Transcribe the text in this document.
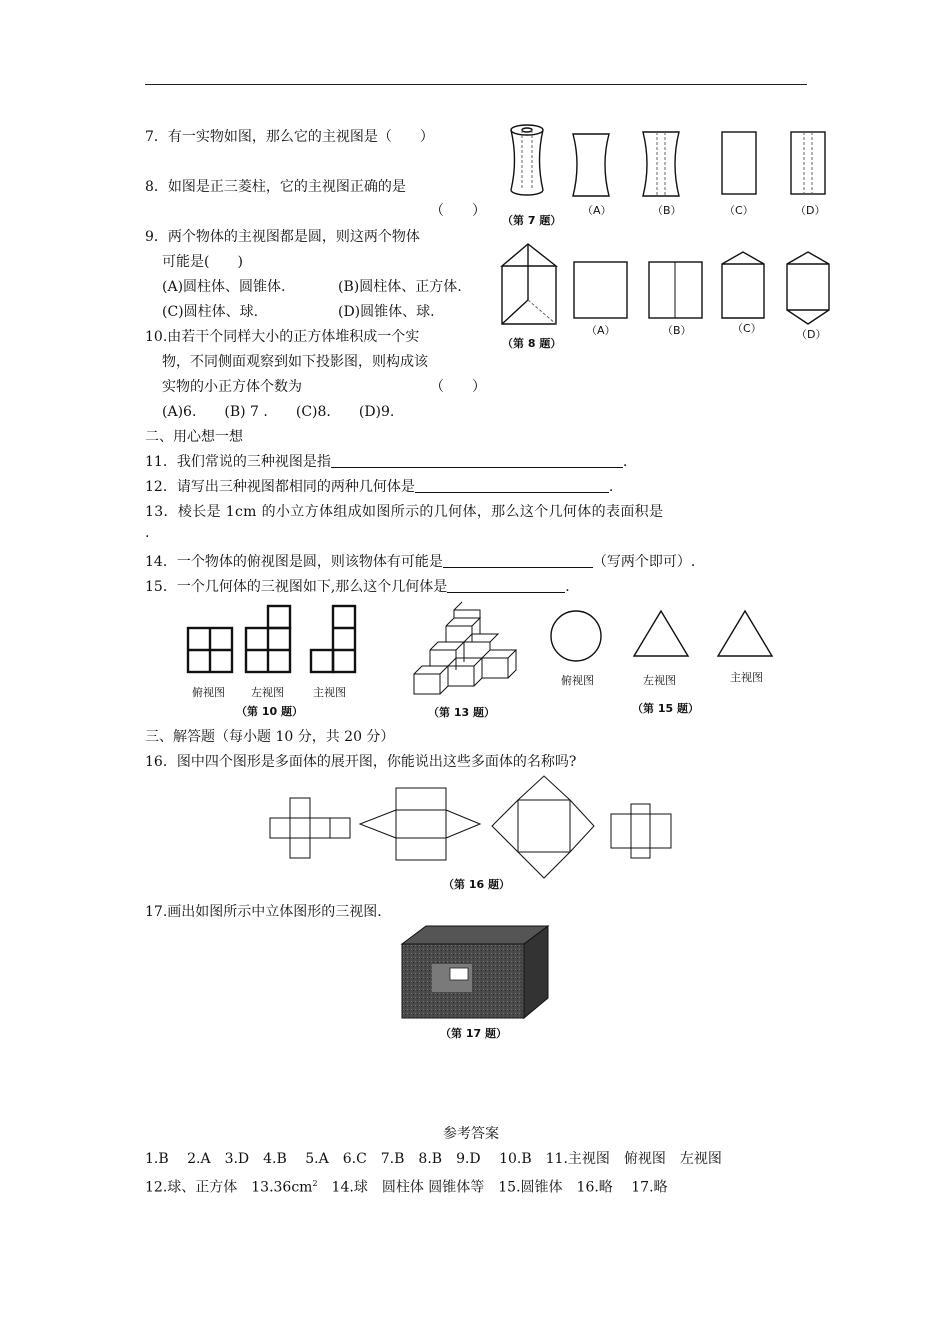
7．有一实物如图，那么它的主视图是（　　）
8．如图是正三菱柱，它的主视图正确的是
（　　）
9．两个物体的主视图都是圆，则这两个物体
可能是(　　)
(A)圆柱体、圆锥体.	(B)圆柱体、正方体.
(C)圆柱体、球.	(D)圆锥体、球.
10.由若干个同样大小的正方体堆积成一个实
物，不同侧面观察到如下投影图，则构成该
实物的小正方体个数为	（　　）
(A)6.　　(B) 7 .　　(C)8.　　(D)9.
二、用心想一想
11．我们常说的三种视图是指	.
12．请写出三种视图都相同的两种几何体是	.
13．棱长是 1cm 的小立方体组成如图所示的几何体，那么这个几何体的表面积是
.
14．一个物体的俯视图是圆，则该物体有可能是	（写两个即可）.
15．一个几何体的三视图如下,那么这个几何体是	.
三、解答题（每小题 10 分，共 20 分）
16．图中四个图形是多面体的展开图，你能说出这些多面体的名称吗?
17.画出如图所示中立体图形的三视图.
（第 7 题）
（A）	（B）	（C）	（D）
（第 8 题）
（A）	（B）	（C）	（D）
俯视图 左视图	主视图
（第 10 题）	（第 13 题）
俯视图	左视图	主视图
（第 15 题）
（第 16 题）
（第 17 题）
参考答案
1.B　 2.A　3.D　4.B　 5.A　6.C　7.B　8.B　9.D　 10.B　11.主视图　俯视图　左视图
12.球、正方体　$13.36cm^2$　14.球　圆柱体 圆锥体等　15.圆锥体　16.略　 17.略
